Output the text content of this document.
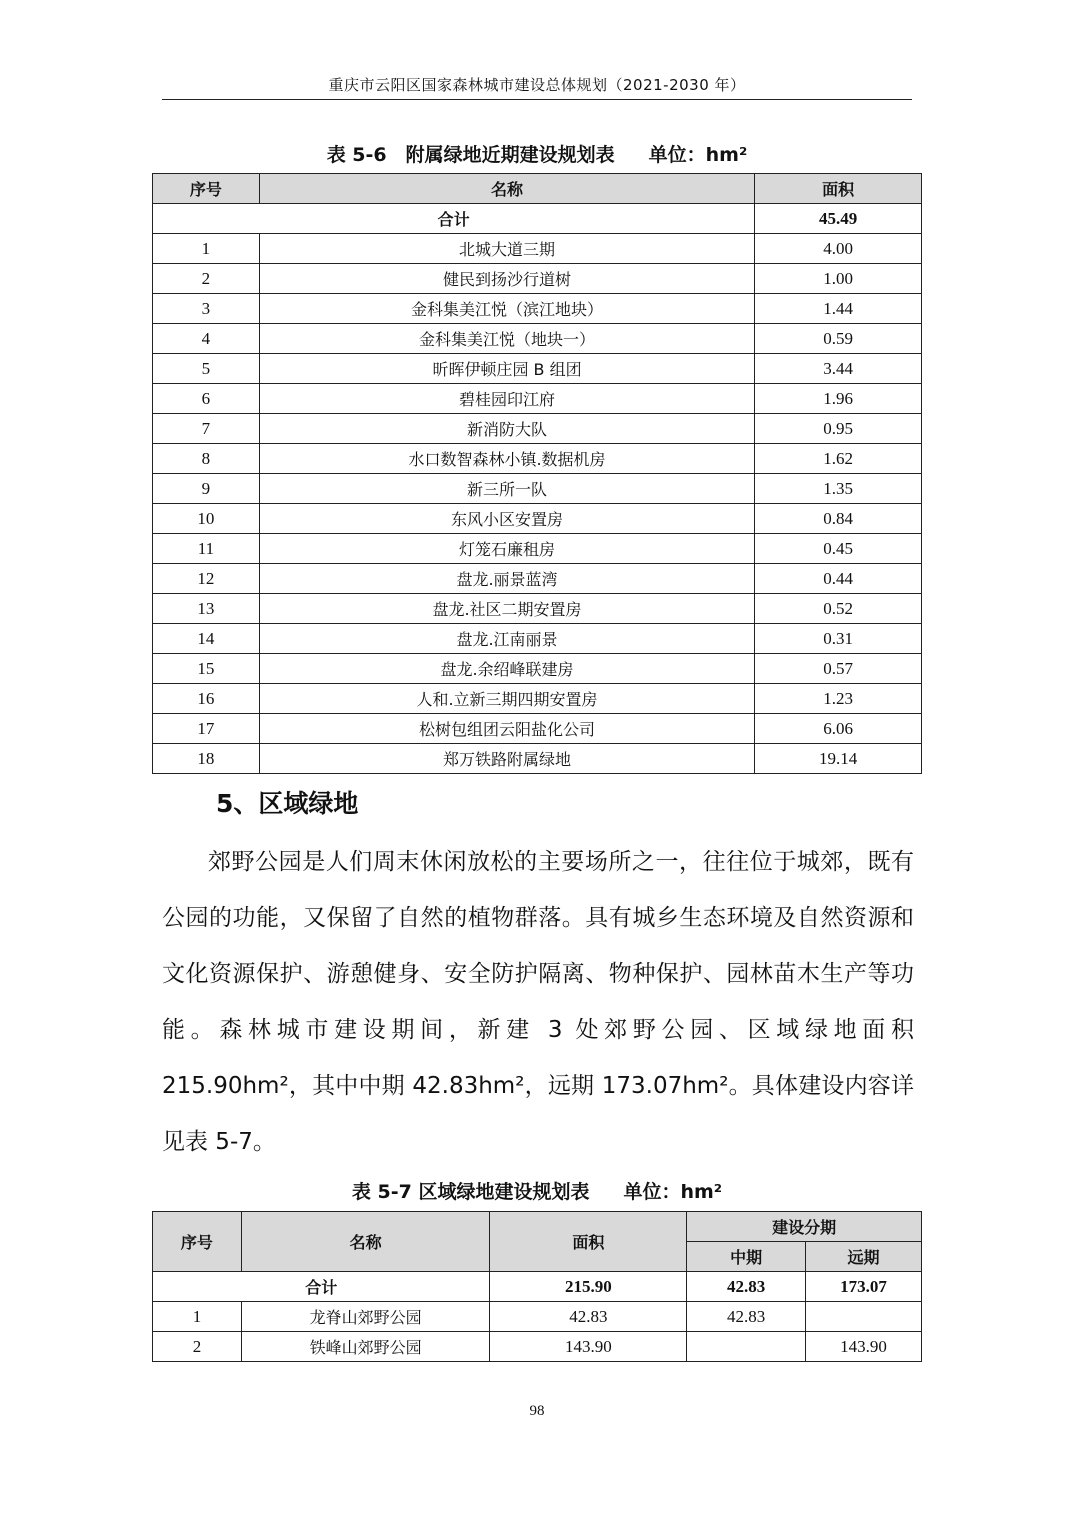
重庆市云阳区国家森林城市建设总体规划（2021-2030 年）
表 5-6　附属绿地近期建设规划表 单位：hm²
序号	名称	面积
合计		45.49
1	北城大道三期	4.00
2	健民到扬沙行道树	1.00
3	金科集美江悦（滨江地块）	1.44
4	金科集美江悦（地块一）	0.59
5	昕晖伊顿庄园 B 组团	3.44
6	碧桂园印江府	1.96
7	新消防大队	0.95
8	水口数智森林小镇.数据机房	1.62
9	新三所一队	1.35
10	东风小区安置房	0.84
11	灯笼石廉租房	0.45
12	盘龙.丽景蓝湾	0.44
13	盘龙.社区二期安置房	0.52
14	盘龙.江南丽景	0.31
15	盘龙.余绍峰联建房	0.57
16	人和.立新三期四期安置房	1.23
17	松树包组团云阳盐化公司	6.06
18	郑万铁路附属绿地	19.14
5、区域绿地

郊野公园是人们周末休闲放松的主要场所之一，往往位于城郊，既有公园的功能，又保留了自然的植物群落。具有城乡生态环境及自然资源和文化资源保护、游憩健身、安全防护隔离、物种保护、园林苗木生产等功能。森林城市建设期间，新建 3 处郊野公园、区域绿地面积 215.90hm²，其中中期 42.83hm²，远期 173.07hm²。具体建设内容详见表 5-7。

表 5-7 区域绿地建设规划表 单位：hm²
序号	名称	面积	建设分期	
			中期	远期
合计		215.90	42.83	173.07
1	龙脊山郊野公园	42.83	42.83	
2	铁峰山郊野公园	143.90		143.90
98
